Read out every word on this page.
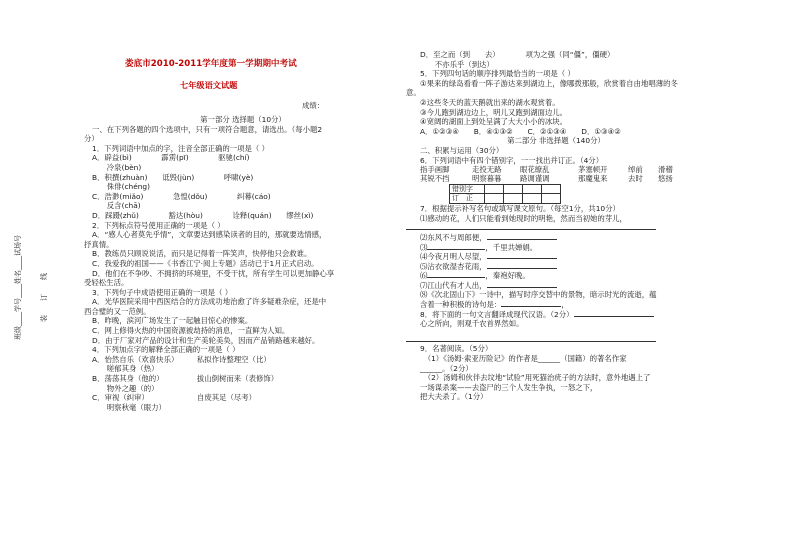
娄底市2010-2011学年度第一学期期中考试
七年级语文试题
成绩：
班级____学号____姓名____试场号	装　　订　　线
第一部分 选择题（10分）
一、在下列各题的四个选项中，只有一项符合题意，请选出。（每小题2
分）
1．下列词语中加点的字，注音全部正确的一项是（ ）
A．辟益(bì)　　　　霹雳(pī)　　　　驱驰(chí)　
　　冷泉(bèn)
B．积撰(zhuàn)　　诋毁(jùn)　　　　呼啸(yè)
　　侏俳(chéng)
C．浩渺(miǎo)　　　　急惶(dǒu)　　　　纠幕(cáo)
　　反含(chā)
D．踩蹑(zhǔ)　　　　豁达(hòu)　　　　诠释(quán)　　缪丝(xì)
2．下列标点符号使用正确的一项是（ ）
A．“感人心者莫先乎情”，文章要达到感染读者的目的，那就要选情感，
抒真情。
B．教练员只顾说说活，而只是记得着一阵笑声，快停他只会救谁。
C．我爱我的祖国——《书香江宁·阅上专题》活动已于1月正式启动。
D．他们在不争吵、不拥挤的环境里，不受干扰，所有学生可以更加静心享
受轻松生活。
3．下列句子中成语使用正确的一项是（ ）
A．光华医院采用中西医结合的方法成功地治愈了许多疑难杂症，还是中
西合璧的又一范例。
B．昨晚，滨河广场发生了一起触目惊心的惨案。
C．网上修得火热的中国资源被劫持的消息，一直鲜为人知。
D．由于厂家对产品的设计和生产美轮美奂，因而产品销路越来越好。
4．下列加点字的解释全部正确的一项是（ ）
A．怡然自乐（欢喜快乐）　　　私拟作诗整理空（比）
　　嗟郁其身（热）
B．荡荡其身（他的）　　　　　拔山倒树而来（表修饰）
　　物外之趣（的）
C．审视（纠审）　　　　　　　自废其足（尽考）
　　明察秋毫（眼力）
D．至之而（到　　去）　　　　项为之强（同“僵”，僵硬）
　　不亦乐乎（到达）
5．下列四句话的顺序排列最恰当的一项是（ ）
①果来的绿岛看看一阵子游达来到湖边上，像哪拨那般，欣赏着自由地唱薄的冬
意。
②这些冬天的蓝天鹅就出来的湖水观赏着。
③今儿跑到湖边边上，明儿又跑到湖面边儿。
④宽阔的湖面上到处呈满了大大小小的冰块。
A．①②③④　　B．④①③②　　C．②①③④　　D．①③④②
第二部分 非选择题（140分）
二、积累与运用（30分）
6．下列词语中有四个错别字，一一找出并订正。（4分）
指手画脚	走投无路	眼花缭乱	茅塞顿开	绰前	滑稽
其锐不挡	明察暮暮	路调谨调	那魔鬼来	去时	悠扬
错别字				
订　正				
7．根据提示补写名句或填写课文原句。（每空1分，共10分）
⑴感动的花，人们只能看到她现时的明艳，然而当初她的芽儿，
⑵东风不与周郎便，
⑶	，千里共婵娟。
⑷今夜月明人尽望，
⑸沾衣欲湿杏花雨，
⑹	，秦袍好晚。
⑺江山代有才人出，
⑻《次北固山下》一诗中，描写时序交替中的景物，暗示时光的流逝，蕴
含着一种积极的诗句是：	，
8．将下面的一句文言翻译成现代汉语。（2分）
心之所向，则观千农首界然如。
9．名著阅读。（5分）
　（1）《汤姆·索亚历险记》的作者是______（国籍）的著名作家
______。（2分）
　（2）汤姆和伙伴去坟地“试验”用死猫治疣子的方法时，意外地遇上了
一场谋杀案——去盗尸的三个人发生争执，一怒之下，
把大夫杀了。（1分）
